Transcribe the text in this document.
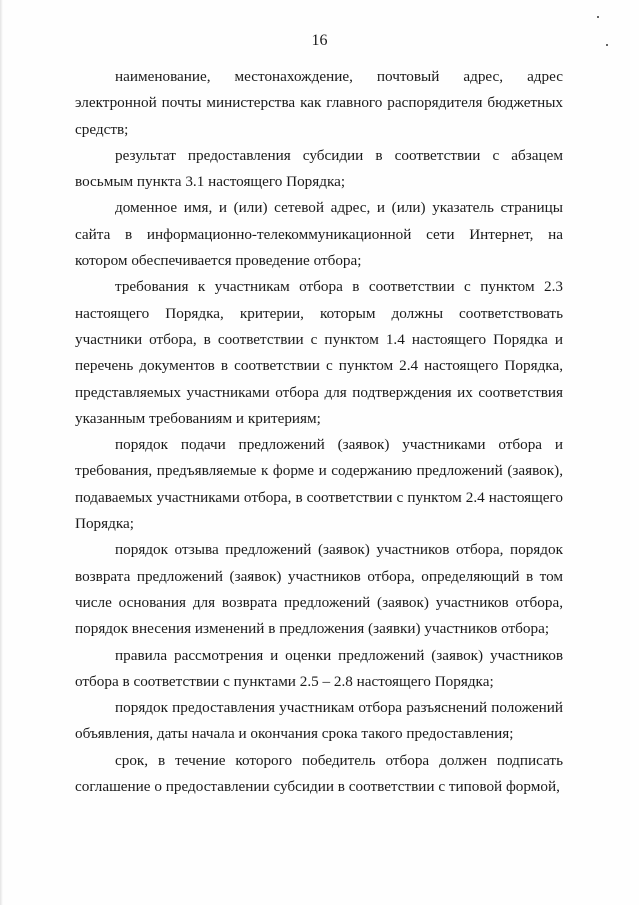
16

наименование, местонахождение, почтовый адрес, адрес электронной почты министерства как главного распорядителя бюджетных средств;

результат предоставления субсидии в соответствии с абзацем восьмым пункта 3.1 настоящего Порядка;

доменное имя, и (или) сетевой адрес, и (или) указатель страницы сайта в информационно-телекоммуникационной сети Интернет, на котором обеспечивается проведение отбора;

требования к участникам отбора в соответствии с пунктом 2.3 настоящего Порядка, критерии, которым должны соответствовать участники отбора, в соответствии с пунктом 1.4 настоящего Порядка и перечень документов в соответствии с пунктом 2.4 настоящего Порядка, представляемых участниками отбора для подтверждения их соответствия указанным требованиям и критериям;

порядок подачи предложений (заявок) участниками отбора и требования, предъявляемые к форме и содержанию предложений (заявок), подаваемых участниками отбора, в соответствии с пунктом 2.4 настоящего Порядка;

порядок отзыва предложений (заявок) участников отбора, порядок возврата предложений (заявок) участников отбора, определяющий в том числе основания для возврата предложений (заявок) участников отбора, порядок внесения изменений в предложения (заявки) участников отбора;

правила рассмотрения и оценки предложений (заявок) участников отбора в соответствии с пунктами 2.5 – 2.8 настоящего Порядка;

порядок предоставления участникам отбора разъяснений положений объявления, даты начала и окончания срока такого предоставления;

срок, в течение которого победитель отбора должен подписать соглашение о предоставлении субсидии в соответствии с типовой формой,
